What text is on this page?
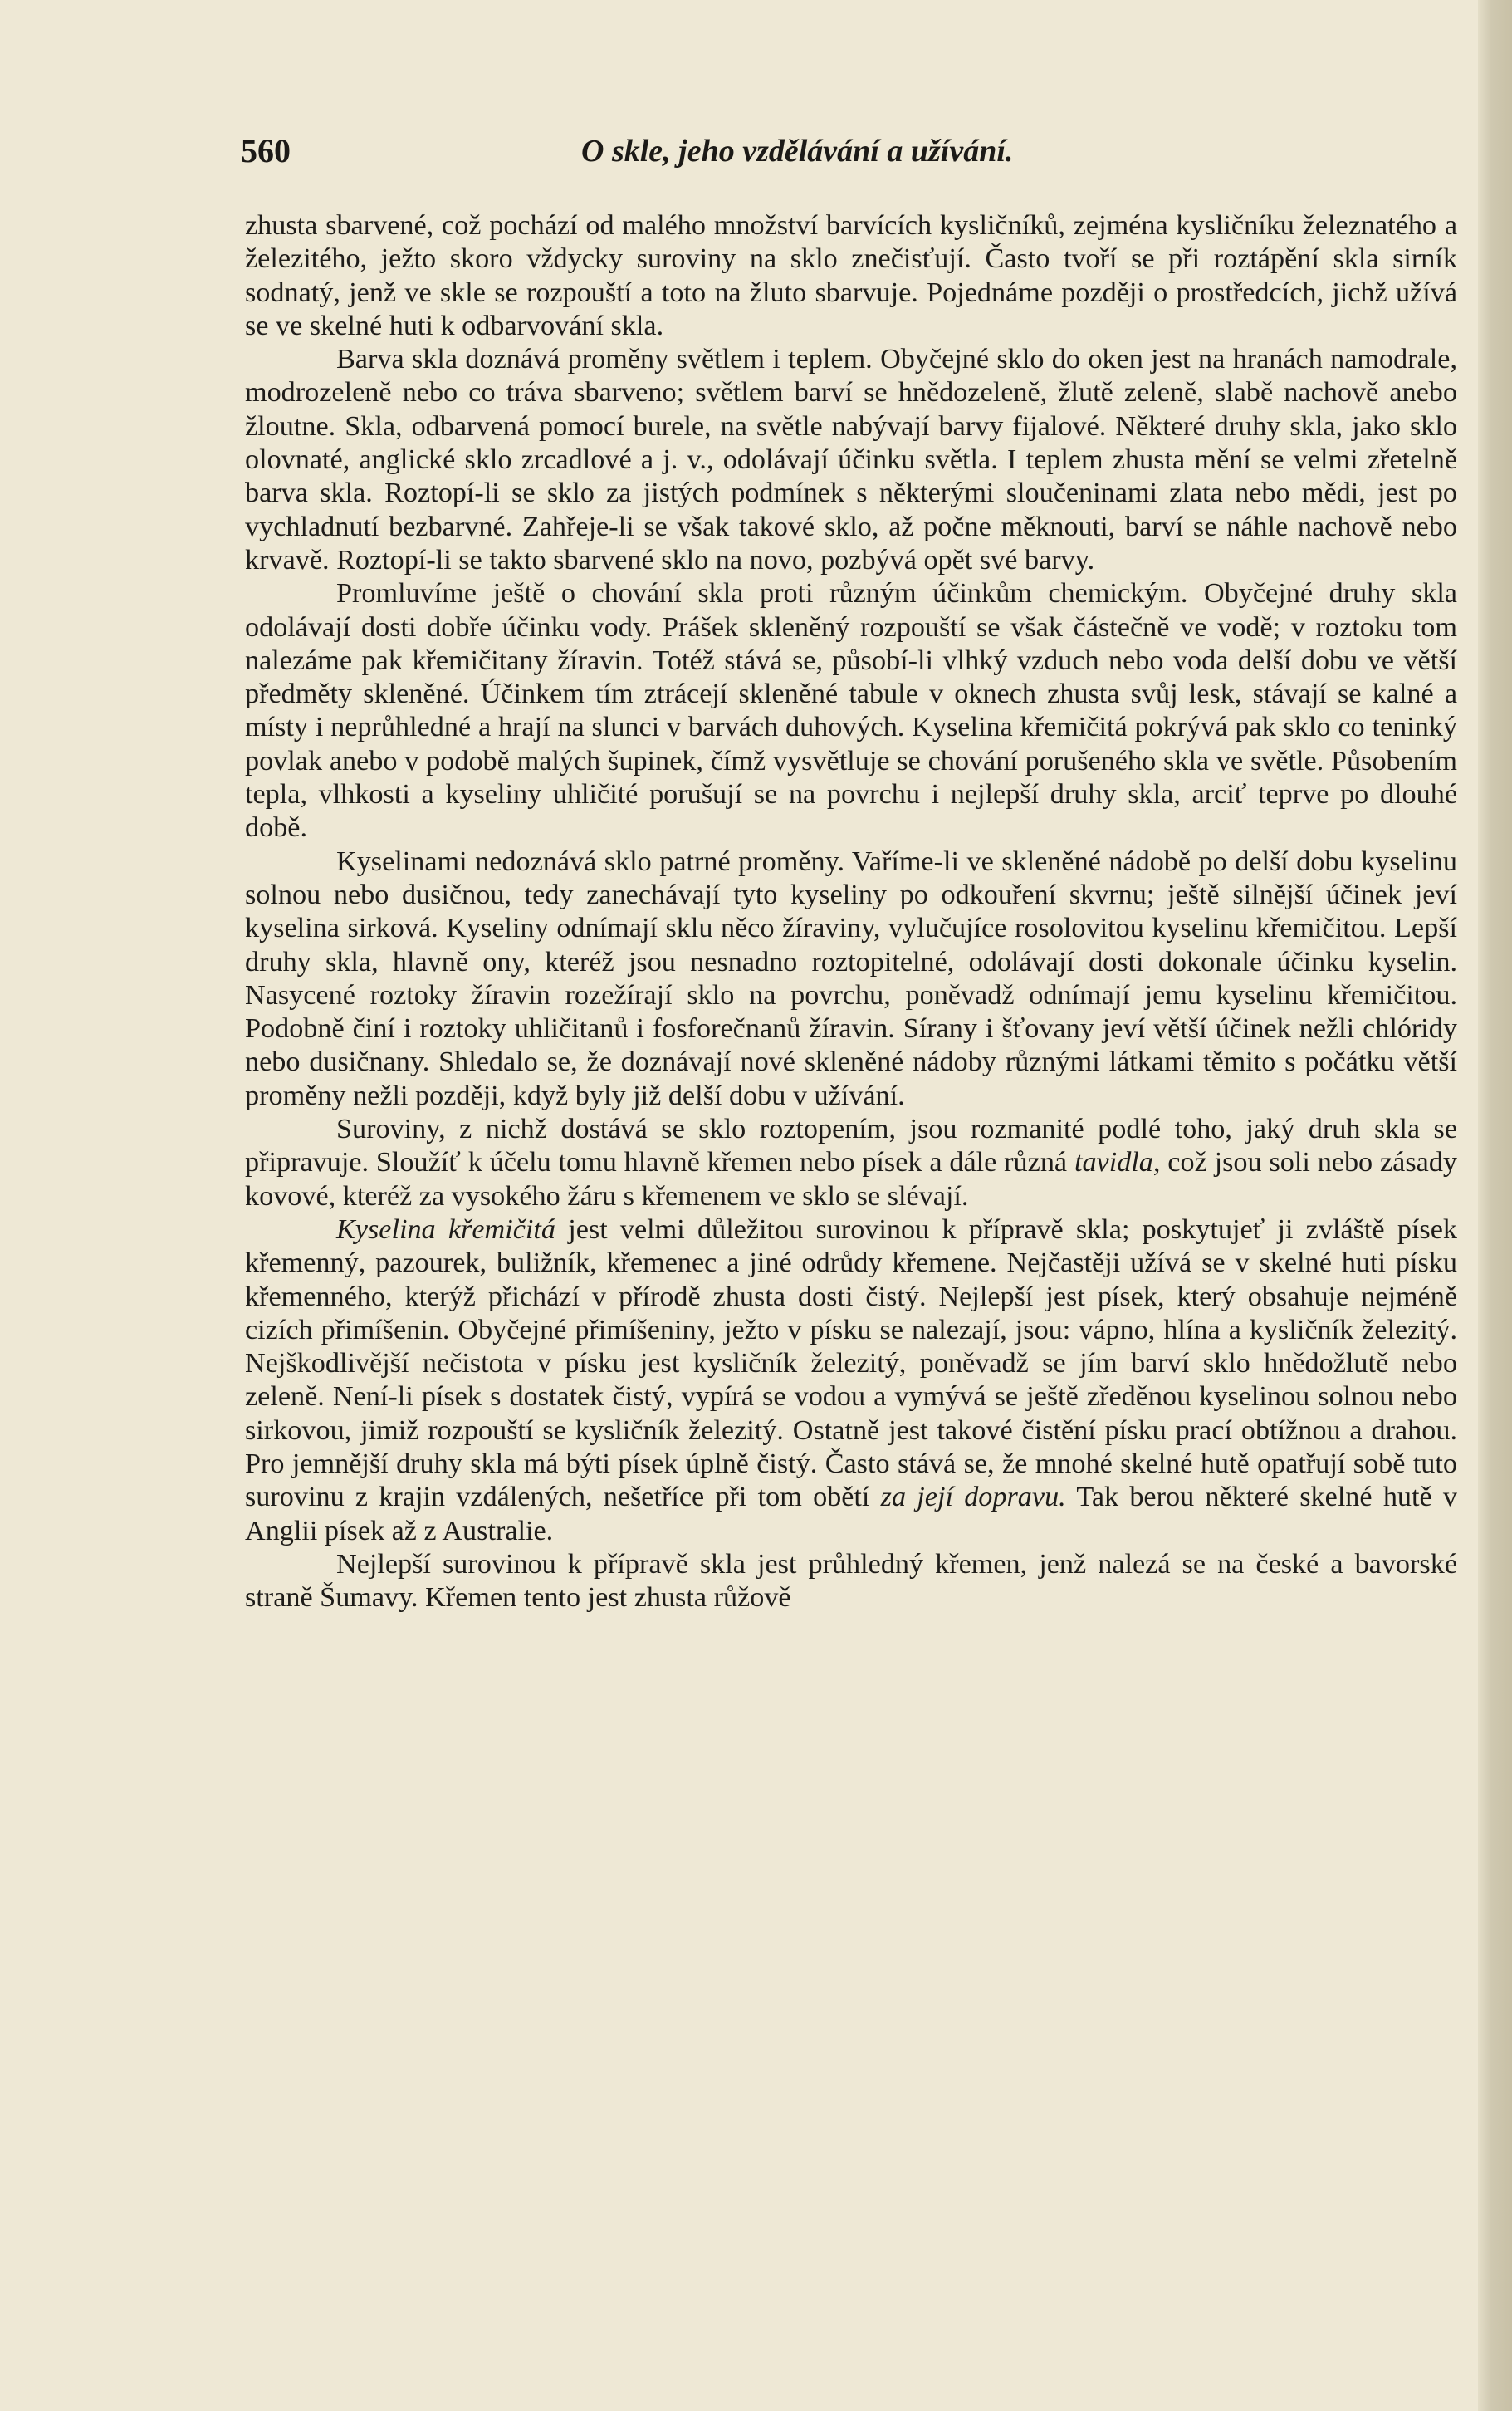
560	O skle, jeho vzdělávání a užívání.

zhusta sbarvené, což pochází od malého množství barvících kysličníků, zejména kysličníku železnatého a železitého, ježto skoro vždycky suroviny na sklo znečisťují. Často tvoří se při roztápění skla sirník sodnatý, jenž ve skle se rozpouští a toto na žluto sbarvuje. Pojednáme později o prostředcích, jichž užívá se ve skelné huti k odbarvování skla.

Barva skla doznává proměny světlem i teplem. Obyčejné sklo do oken jest na hranách namodrale, modrozeleně nebo co tráva sbarveno; světlem barví se hnědozeleně, žlutě zeleně, slabě nachově anebo žloutne. Skla, odbarvená pomocí burele, na světle nabývají barvy fijalové. Některé druhy skla, jako sklo olovnaté, anglické sklo zrcadlové a j. v., odolávají účinku světla. I teplem zhusta mění se velmi zřetelně barva skla. Roztopí-li se sklo za jistých podmínek s některými sloučeninami zlata nebo mědi, jest po vychladnutí bezbarvné. Zahřeje-li se však takové sklo, až počne měknouti, barví se náhle nachově nebo krvavě. Roztopí-li se takto sbarvené sklo na novo, pozbývá opět své barvy.

Promluvíme ještě o chování skla proti různým účinkům chemickým. Obyčejné druhy skla odolávají dosti dobře účinku vody. Prášek skleněný rozpouští se však částečně ve vodě; v roztoku tom nalezáme pak křemičitany žíravin. Totéž stává se, působí-li vlhký vzduch nebo voda delší dobu ve větší předměty skleněné. Účinkem tím ztrácejí skleněné tabule v oknech zhusta svůj lesk, stávají se kalné a místy i neprůhledné a hrají na slunci v barvách duhových. Kyselina křemičitá pokrývá pak sklo co teninký povlak anebo v podobě malých šupinek, čímž vysvětluje se chování porušeného skla ve světle. Působením tepla, vlhkosti a kyseliny uhličité porušují se na povrchu i nejlepší druhy skla, arciť teprve po dlouhé době.

Kyselinami nedoznává sklo patrné proměny. Vaříme-li ve skleněné nádobě po delší dobu kyselinu solnou nebo dusičnou, tedy zanechávají tyto kyseliny po odkouření skvrnu; ještě silnější účinek jeví kyselina sirková. Kyseliny odnímají sklu něco žíraviny, vylučujíce rosolovitou kyselinu křemičitou. Lepší druhy skla, hlavně ony, kteréž jsou nesnadno roztopitelné, odolávají dosti dokonale účinku kyselin. Nasycené roztoky žíravin rozežírají sklo na povrchu, poněvadž odnímají jemu kyselinu křemičitou. Podobně činí i roztoky uhličitanů i fosforečnanů žíravin. Sírany i šťovany jeví větší účinek nežli chlóridy nebo dusičnany. Shledalo se, že doznávají nové skleněné nádoby různými látkami těmito s počátku větší proměny nežli později, když byly již delší dobu v užívání.

Suroviny, z nichž dostává se sklo roztopením, jsou rozmanité podlé toho, jaký druh skla se připravuje. Sloužíť k účelu tomu hlavně křemen nebo písek a dále různá tavidla, což jsou soli nebo zásady kovové, kteréž za vysokého žáru s křemenem ve sklo se slévají.

Kyselina křemičitá jest velmi důležitou surovinou k přípravě skla; poskytujeť ji zvláště písek křemenný, pazourek, buližník, křemenec a jiné odrůdy křemene. Nejčastěji užívá se v skelné huti písku křemenného, kterýž přichází v přírodě zhusta dosti čistý. Nejlepší jest písek, který obsahuje nejméně cizích přimíšenin. Obyčejné přimíšeniny, ježto v písku se nalezají, jsou: vápno, hlína a kysličník železitý. Nejškodlivější nečistota v písku jest kysličník železitý, poněvadž se jím barví sklo hnědožlutě nebo zeleně. Není-li písek s dostatek čistý, vypírá se vodou a vymývá se ještě zředěnou kyselinou solnou nebo sirkovou, jimiž rozpouští se kysličník železitý. Ostatně jest takové čistění písku prací obtížnou a drahou. Pro jemnější druhy skla má býti písek úplně čistý. Často stává se, že mnohé skelné hutě opatřují sobě tuto surovinu z krajin vzdálených, nešetříce při tom obětí za její dopravu. Tak berou některé skelné hutě v Anglii písek až z Australie.

Nejlepší surovinou k přípravě skla jest průhledný křemen, jenž nalezá se na české a bavorské straně Šumavy. Křemen tento jest zhusta růžově
